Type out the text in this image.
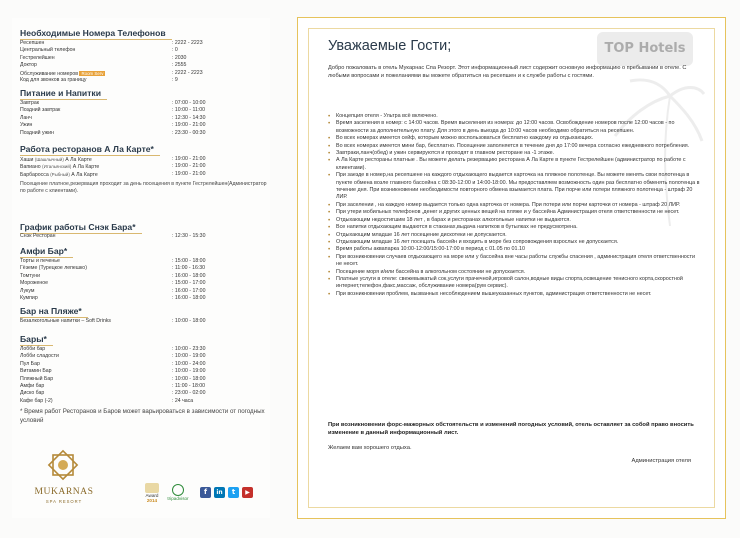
Необходимые Номера Телефонов
Ресепшен	: 2222 - 2223
Центральный телефон	: 0
Гестрелейшен	: 2030
Доктор	: 2555
Обслуживание номеров Room Serv	: 2222 - 2223
Код для звонков за границу	: 9
Питание и Напитки
Завтрак	: 07:00 - 10:00
Поздний завтрак	: 10:00 - 11:00
Ланч	: 12:30 - 14:30
Ужин	: 19:00 - 21:00
Поздний ужин	: 23:30 - 00:30
Работа ресторанов А Ла Карте*
Хаши (Шашлычный) А Ла Карте	: 19:00 - 21:00
Вапиано (Итальянский) А Ла Карте	: 19:00 - 21:00
Барбаросса (Рыбный) А Ла Карте	: 19:00 - 21:00
Посещение платное,резервация проходит за день посещения в пункте Гестрелейшен(Администратор по работе с клиентами).
График работы Снэк Бара*
Снэк Ресторан	: 12:30 - 15:30
Амфи Бар*
Торты и печенье	: 15:00 - 18:00
Гёземе (Турецкое лепешко)	: 11:00 - 16:30
Томтуни	: 16:00 - 18:00
Мороженое	: 15:00 - 17:00
Лукум	: 16:00 - 17:00
Кумпир	: 16:00 - 18:00
Бар на Пляже*
Безалкогольные напитки – Soft Drinks	: 10:00 - 18:00
Бары*
Лобби бар	: 10:00 - 23:30
Лобби сладости	: 10:00 - 19:00
Пул Бар	: 10:00 - 24:00
Витамин Бар	: 10:00 - 19:00
Пляжный Бар	: 10:00 - 18:00
Амфи бар	: 11:00 - 18:00
Диско бар	: 23:00 - 02:00
Кафе бар (-2)	: 24 часа
* Время работ Ресторанов и Баров может варьироваться в зависимости от погодных условий
MUKARNAS
SPA RESORT
Award
2014	tripadvisor
f	in	t	▶
TOP Hotels
Уважаемые Гости;
Добро пожаловать в отель Мукарнас Спа Резорт. Этот информационный лист содержит основную информацию о пребывании в отеле. С любыми вопросами и пожеланиями вы можете обратиться на ресепшен и к службе работы с гостями.
• Концепция отеля - Ультра всё включено.
• Время заселения в номер: с 14:00 часов. Время выселения из номера: до 12:00 часов. Освобождение номеров после 12:00 часов - по возможности за дополнительную плату. Для этого в день выезда до 10:00 часов необходимо обратиться на ресепшен.
• Во всех номерах имеется сейф, которым можно воспользоваться бесплатно каждому из отдыхающих.
• Во всех номерах имеется мини бар, бесплатно. Посещение заполняется в течение дня до 17:00 вечера согласно ежедневного потребления.
• Завтраки,ланч(обед) и ужин сервируются и проходят в главном ресторане на -1 этаже.
• А Ла Карте рестораны платные . Вы можете делать резервацию ресторана А Ла Карте в пункте Гестрелейшен (администратор по работе с клиентами).
• При заезде в номер,на ресепшене на каждого отдыхающего выдается карточка на пляжное полотенце. Вы можете менять свои полотенца в пункте обмена возле главного бассейна с 08:30-12:00 и 14:00-18:00. Мы предоставляем возможность один раз бесплатно обменять полотенца в течение дня. При возникновении необходимости повторного обмена взымается плата. При порче или потери пляжного полотенца - штраф 20 ЛИР.
• При заселении , на каждую номер выдается только одна карточка от номера. При потери или порчи карточки от номера - штраф 20 ЛИР.
• При утери мобильных телефонов ,денег и других ценных вещей на пляже и у бассейна Администрация отеля ответственности не несет.
• Отдыхающим недостигшим 18 лет , в барах и ресторанах алкогольные напитки не выдаются.
• Все напитки отдыхающим выдаются в стаканах,выдача напитков в бутылках не предусмотрена.
• Отдыхающим младше 16 лет посещение дискотеки не допускается.
• Отдыхающим младше 16 лет посещать бассейн и входить в море без сопровождения взрослых не допускается.
• Время работы аквапарка 10:00-12:00/15:00-17:00 в период с 01.05 по 01.10
• При возникновении случаев отдыхающего на море или у бассейна вне часы работы службы спасения , администрация отеля ответственности не несет.
• Посещение моря и/или бассейна в алкогольном состоянии не допускается.
• Платные услуги в отеле: свежевыжатый сок,услуги прачечной,игровой салон,водные виды спорта,освещение тенисного корта,скоростной интернет,телефон,факс,массаж, обслуживание номера(рум сервис).
• При возникновении проблем, вызванных несоблюдением вышеуказанных пунктов, администрация ответственности не несет.
При возникновении форс-мажорных обстоятельств и изменений погодных условий, отель оставляет за собой право вносить изменение в данный информационный лист.
Желаем вам хорошего отдыха.
Администрация отеля
